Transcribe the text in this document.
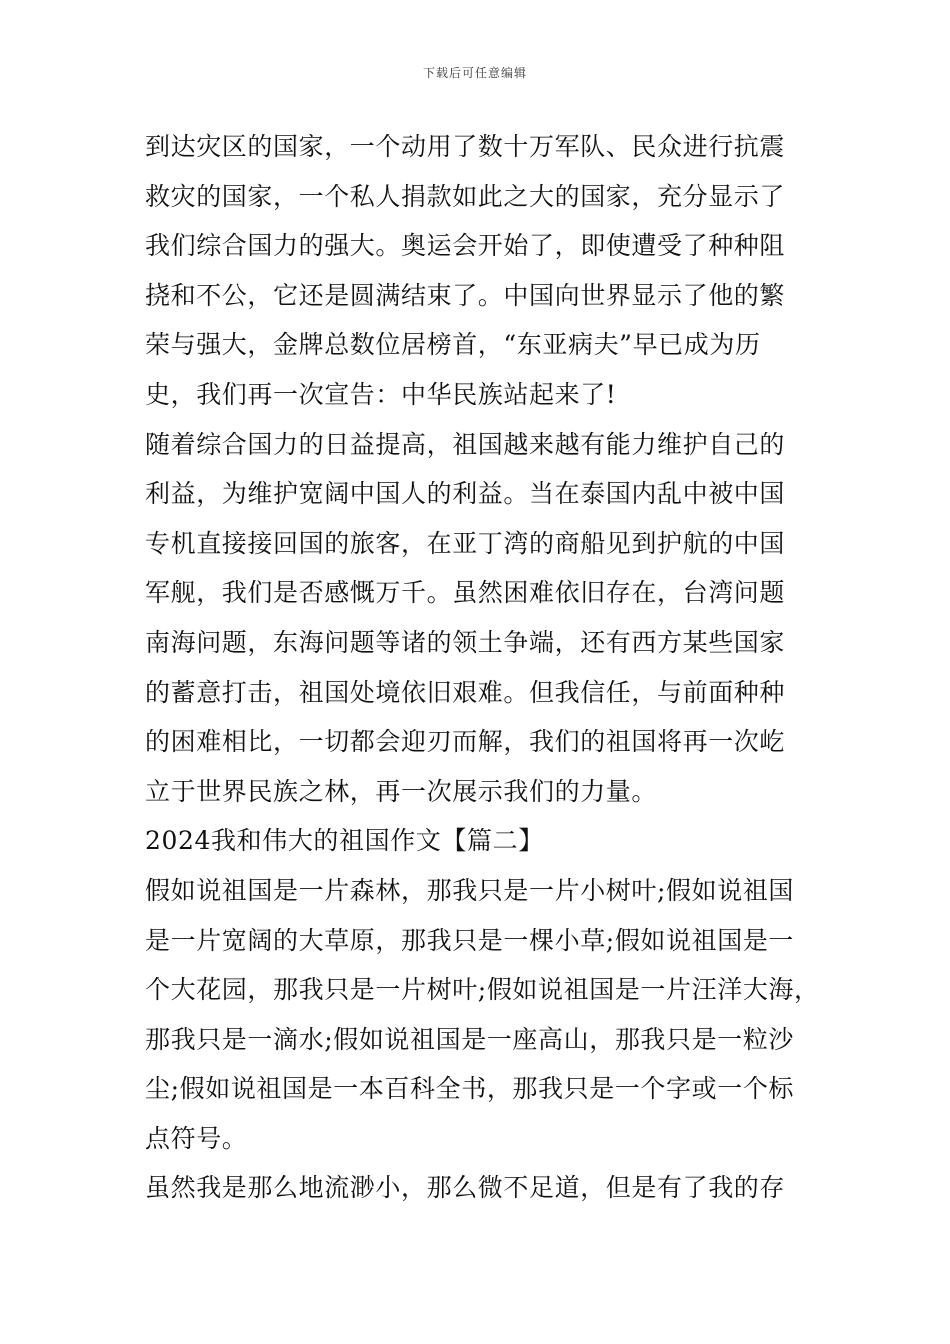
下载后可任意编辑
到达灾区的国家，一个动用了数十万军队、民众进行抗震
救灾的国家，一个私人捐款如此之大的国家，充分显示了
我们综合国力的强大。奥运会开始了，即使遭受了种种阻
挠和不公，它还是圆满结束了。中国向世界显示了他的繁
荣与强大，金牌总数位居榜首，“东亚病夫”早已成为历
史，我们再一次宣告：中华民族站起来了!
随着综合国力的日益提高，祖国越来越有能力维护自己的
利益，为维护宽阔中国人的利益。当在泰国内乱中被中国
专机直接接回国的旅客，在亚丁湾的商船见到护航的中国
军舰，我们是否感慨万千。虽然困难依旧存在，台湾问题
南海问题，东海问题等诸的领土争端，还有西方某些国家
的蓄意打击，祖国处境依旧艰难。但我信任，与前面种种
的困难相比，一切都会迎刃而解，我们的祖国将再一次屹
立于世界民族之林，再一次展示我们的力量。
2024我和伟大的祖国作文【篇二】
假如说祖国是一片森林，那我只是一片小树叶;假如说祖国
是一片宽阔的大草原，那我只是一棵小草;假如说祖国是一
个大花园，那我只是一片树叶;假如说祖国是一片汪洋大海，
那我只是一滴水;假如说祖国是一座高山，那我只是一粒沙
尘;假如说祖国是一本百科全书，那我只是一个字或一个标
点符号。
虽然我是那么地流渺小，那么微不足道，但是有了我的存
